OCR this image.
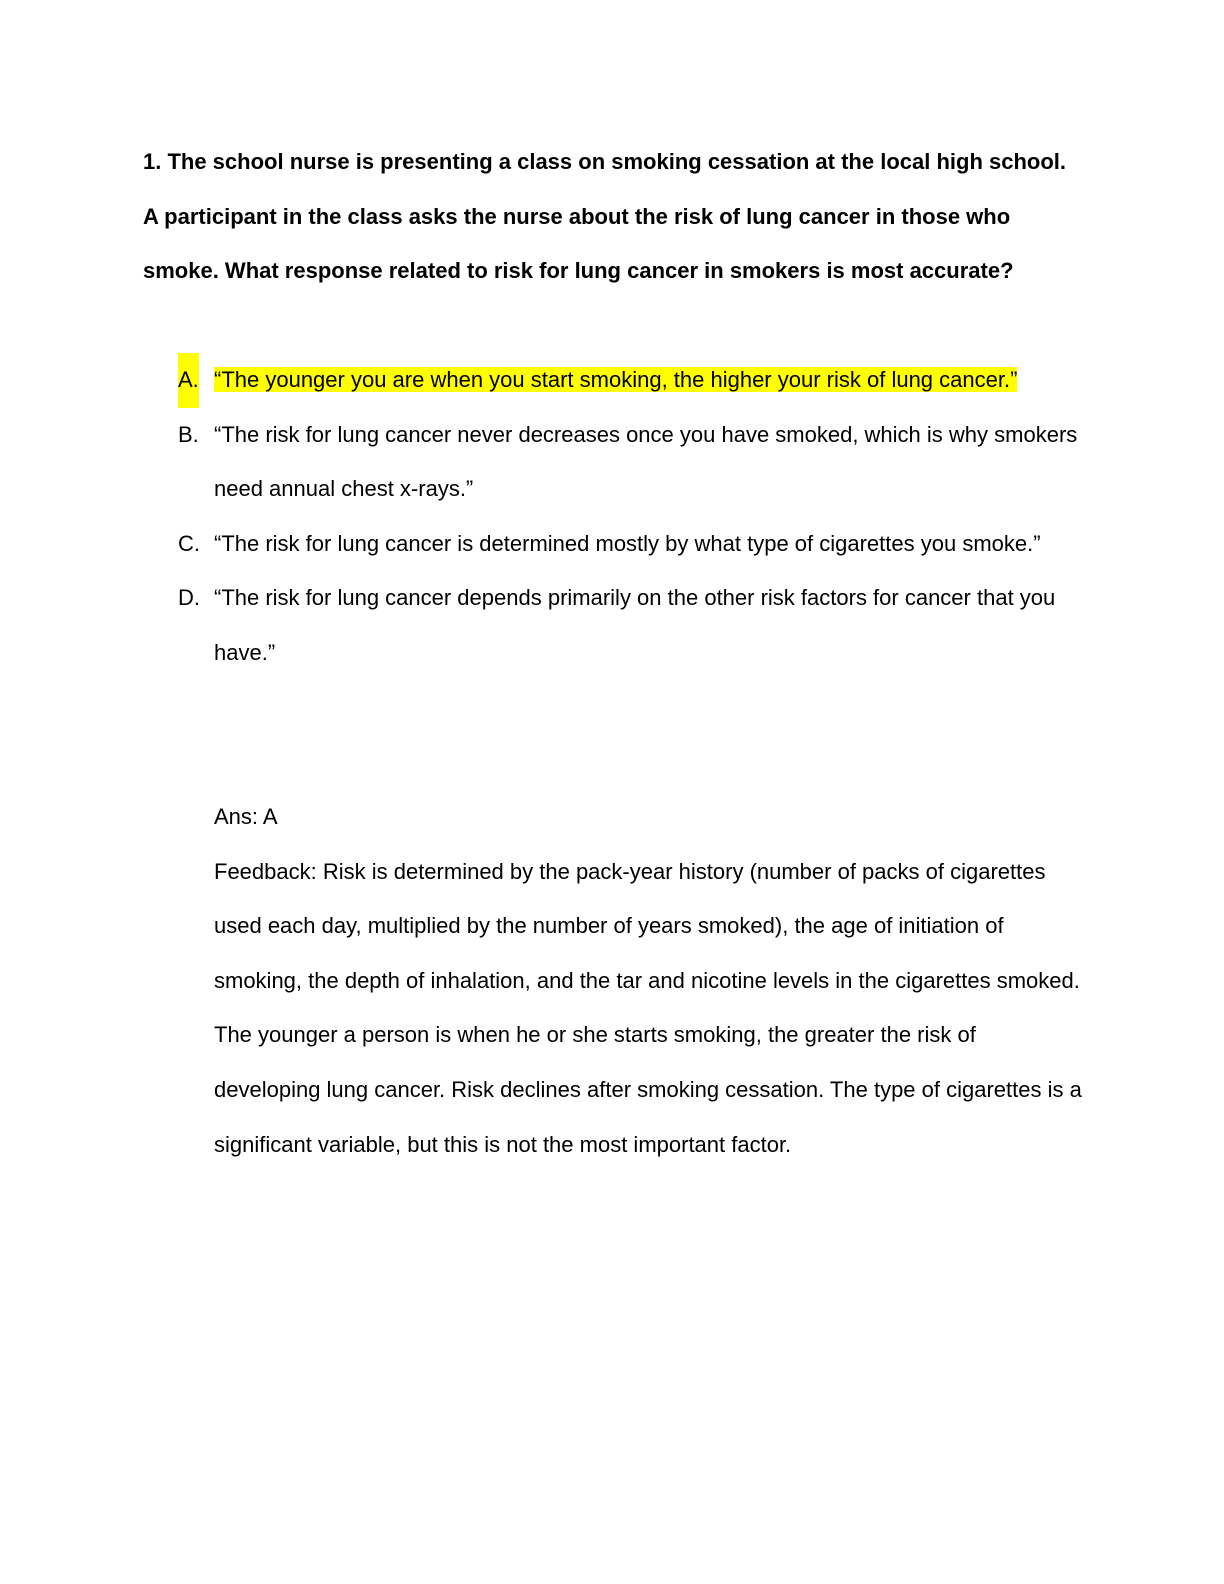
1. The school nurse is presenting a class on smoking cessation at the local high school. A participant in the class asks the nurse about the risk of lung cancer in those who smoke. What response related to risk for lung cancer in smokers is most accurate?

A. “The younger you are when you start smoking, the higher your risk of lung cancer.”
B. “The risk for lung cancer never decreases once you have smoked, which is why smokers need annual chest x-rays.”
C. “The risk for lung cancer is determined mostly by what type of cigarettes you smoke.”
D. “The risk for lung cancer depends primarily on the other risk factors for cancer that you have.”

Ans: A

Feedback: Risk is determined by the pack-year history (number of packs of cigarettes used each day, multiplied by the number of years smoked), the age of initiation of smoking, the depth of inhalation, and the tar and nicotine levels in the cigarettes smoked. The younger a person is when he or she starts smoking, the greater the risk of developing lung cancer. Risk declines after smoking cessation. The type of cigarettes is a significant variable, but this is not the most important factor.
